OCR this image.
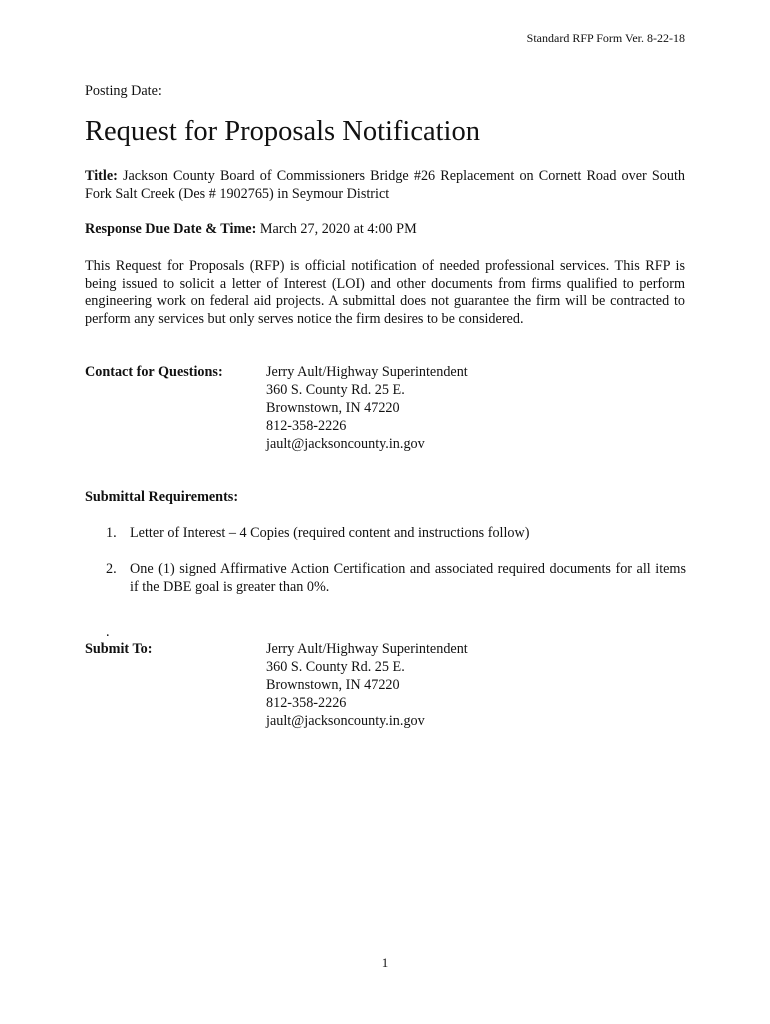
Standard RFP Form Ver. 8-22-18
Posting Date:
Request for Proposals Notification
Title: Jackson County Board of Commissioners Bridge #26 Replacement on Cornett Road over South Fork Salt Creek (Des # 1902765) in Seymour District
Response Due Date & Time: March 27, 2020 at 4:00 PM
This Request for Proposals (RFP) is official notification of needed professional services. This RFP is being issued to solicit a letter of Interest (LOI) and other documents from firms qualified to perform engineering work on federal aid projects. A submittal does not guarantee the firm will be contracted to perform any services but only serves notice the firm desires to be considered.
Contact for Questions:	Jerry Ault/Highway Superintendent
360 S. County Rd. 25 E.
Brownstown, IN 47220
812-358-2226
jault@jacksoncounty.in.gov
Submittal Requirements:
1. Letter of Interest – 4 Copies (required content and instructions follow)
2. One (1) signed Affirmative Action Certification and associated required documents for all items if the DBE goal is greater than 0%.
.
Submit To:	Jerry Ault/Highway Superintendent
360 S. County Rd. 25 E.
Brownstown, IN 47220
812-358-2226
jault@jacksoncounty.in.gov
1
